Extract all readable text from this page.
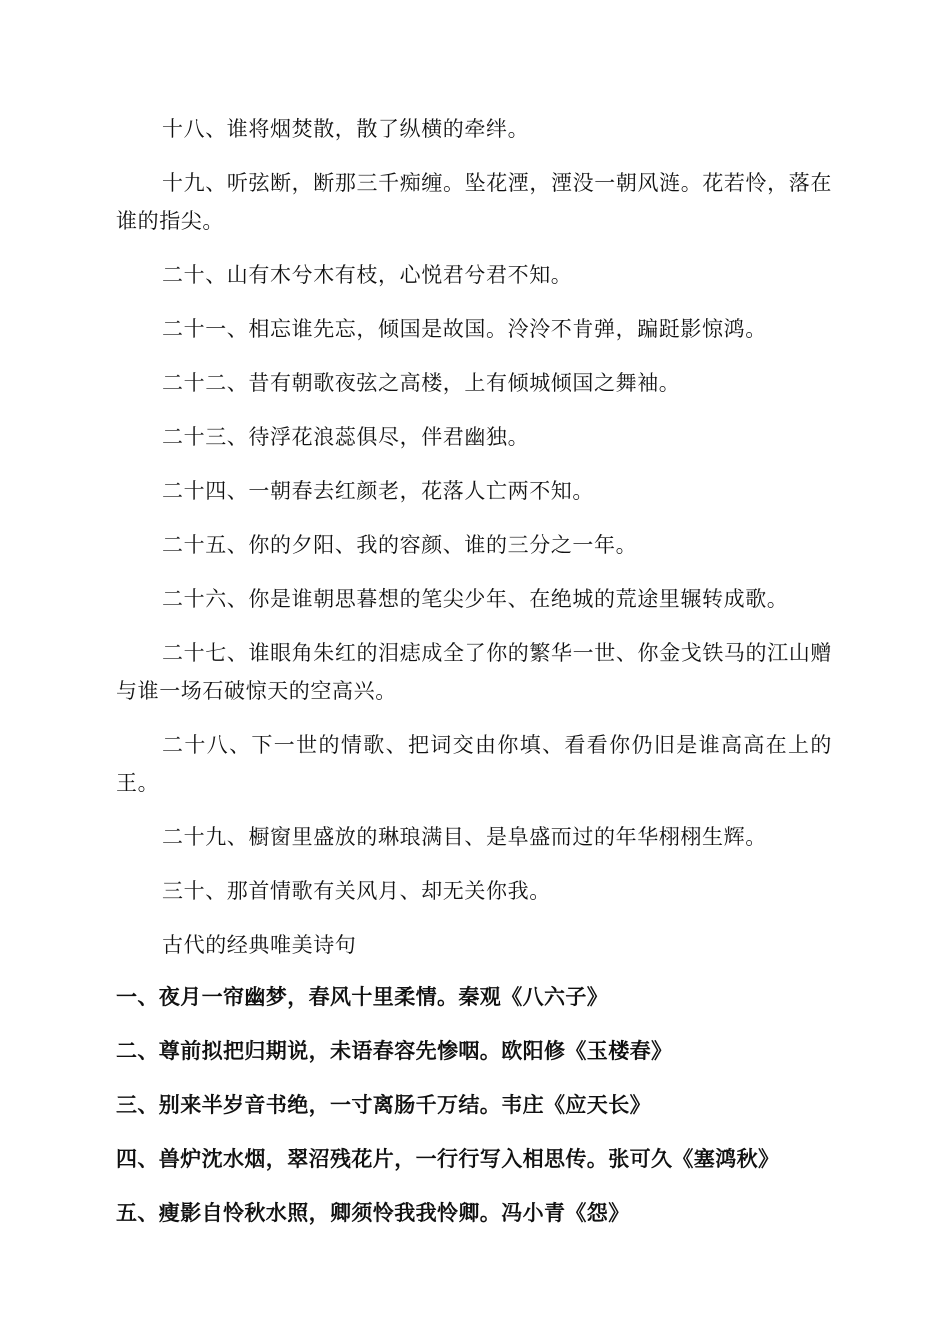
十八、谁将烟焚散，散了纵横的牵绊。

十九、听弦断，断那三千痴缠。坠花湮，湮没一朝风涟。花若怜，落在谁的指尖。

二十、山有木兮木有枝，心悦君兮君不知。

二十一、相忘谁先忘，倾国是故国。泠泠不肯弹，蹁跹影惊鸿。

二十二、昔有朝歌夜弦之高楼，上有倾城倾国之舞袖。

二十三、待浮花浪蕊俱尽，伴君幽独。

二十四、一朝春去红颜老，花落人亡两不知。

二十五、你的夕阳、我的容颜、谁的三分之一年。

二十六、你是谁朝思暮想的笔尖少年、在绝城的荒途里辗转成歌。

二十七、谁眼角朱红的泪痣成全了你的繁华一世、你金戈铁马的江山赠与谁一场石破惊天的空高兴。

二十八、下一世的情歌、把词交由你填、看看你仍旧是谁高高在上的王。

二十九、橱窗里盛放的琳琅满目、是阜盛而过的年华栩栩生辉。

三十、那首情歌有关风月、却无关你我。

古代的经典唯美诗句

一、夜月一帘幽梦，春风十里柔情。秦观《八六子》

二、尊前拟把归期说，未语春容先惨咽。欧阳修《玉楼春》

三、别来半岁音书绝，一寸离肠千万结。韦庄《应天长》

四、兽炉沈水烟，翠沼残花片，一行行写入相思传。张可久《塞鸿秋》

五、瘦影自怜秋水照，卿须怜我我怜卿。冯小青《怨》
